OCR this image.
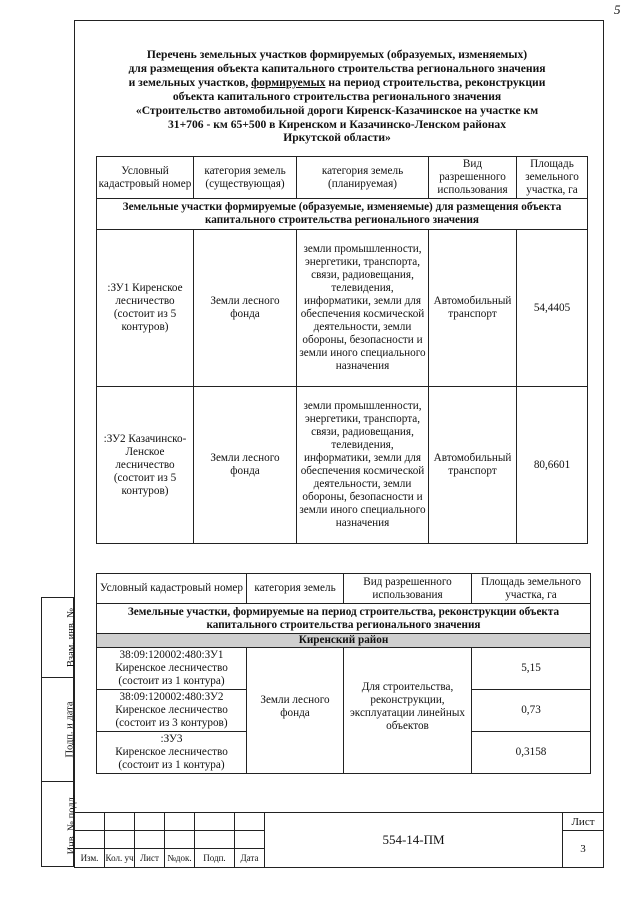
5
Перечень земельных участков формируемых (образуемых, изменяемых)
для размещения объекта капитального строительства регионального значения
и земельных участков, формируемых на период строительства, реконструкции
объекта капитального строительства регионального значения
«Строительство автомобильной дороги Киренск-Казачинское на участке км
31+706 - км 65+500 в Киренском и Казачинско-Ленском районах
Иркутской области»
Условный кадастровый номер	категория земель (существующая)	категория земель (планируемая)	Вид разрешенного использования	Площадь земельного участка, га
Земельные участки формируемые (образуемые, изменяемые) для размещения объекта капитального строительства регионального значения				
:ЗУ1 Киренское лесничество (состоит из 5 контуров)	Земли лесного фонда	земли промышленности, энергетики, транспорта, связи, радиовещания, телевидения, информатики, земли для обеспечения космической деятельности, земли обороны, безопасности и земли иного специального назначения	Автомобильный транспорт	54,4405
:ЗУ2 Казачинско-Ленское лесничество (состоит из 5 контуров)	Земли лесного фонда	земли промышленности, энергетики, транспорта, связи, радиовещания, телевидения, информатики, земли для обеспечения космической деятельности, земли обороны, безопасности и земли иного специального назначения	Автомобильный транспорт	80,6601
Условный кадастровый номер	категория земель	Вид разрешенного использования	Площадь земельного участка, га
Земельные участки, формируемые на период строительства, реконструкции объекта капитального строительства регионального значения			
Киренский район			

38:09:120002:480:ЗУ1
Киренское лесничество (состоит из 1 контура)	Земли лесного фонда	Для строительства, реконструкции, эксплуатации линейных объектов	5,15

38:09:120002:480:ЗУ2
Киренское лесничество (состоит из 3 контуров)			0,73

:ЗУ3
Киренское лесничество (состоит из 1 контура)			0,3158
Взам. инв. №
Подп. и дата
Инв. № подл.
							554-14-ПМ	Лист
							3
Изм.	Кол. уч	Лист	№док.	Подп.	Дата		
